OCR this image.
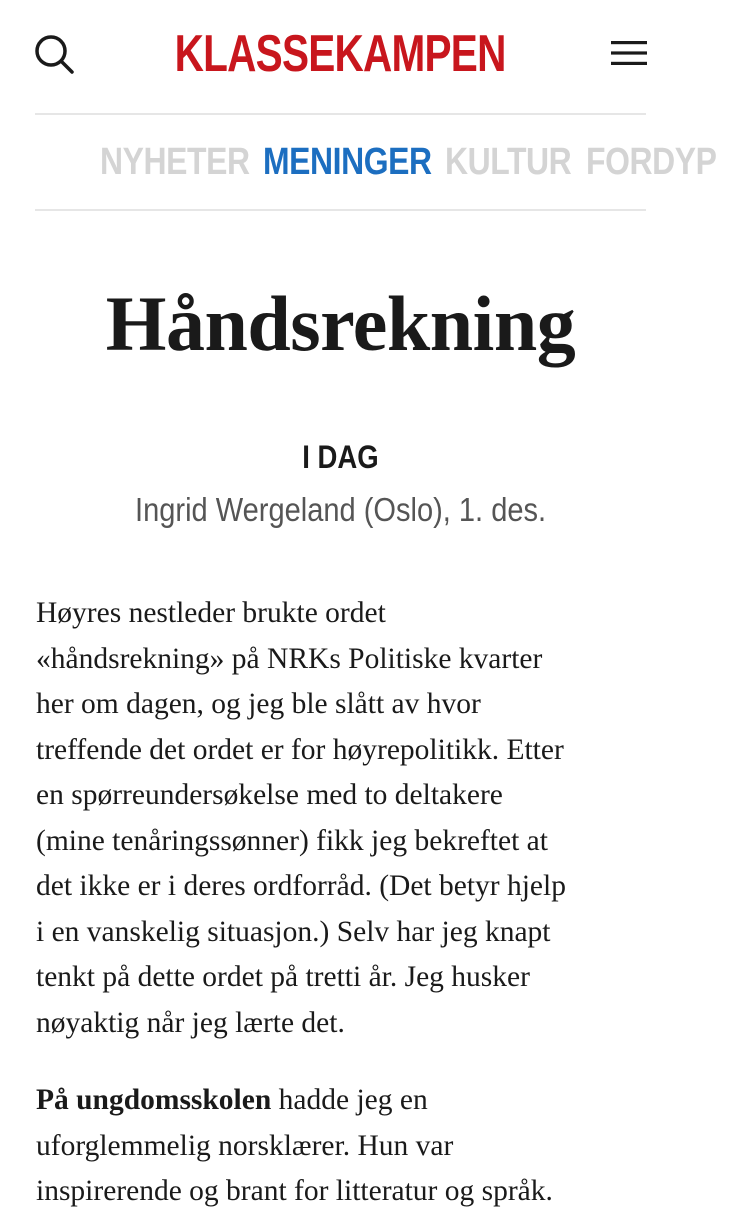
KLASSEKAMPEN
NYHETER MENINGER KULTUR FORDYP
Håndsrekning
I DAG
Ingrid Wergeland (Oslo), 1. des.
Høyres nestleder brukte ordet
«håndsrekning» på NRKs Politiske kvarter
her om dagen, og jeg ble slått av hvor
treffende det ordet er for høyrepolitikk. Etter
en spørreundersøkelse med to deltakere
(mine tenåringssønner) fikk jeg bekreftet at
det ikke er i deres ordforråd. (Det betyr hjelp
i en vanskelig situasjon.) Selv har jeg knapt
tenkt på dette ordet på tretti år. Jeg husker
nøyaktig når jeg lærte det.
På ungdomsskolen hadde jeg en
uforglemmelig norsklærer. Hun var
inspirerende og brant for litteratur og språk.
